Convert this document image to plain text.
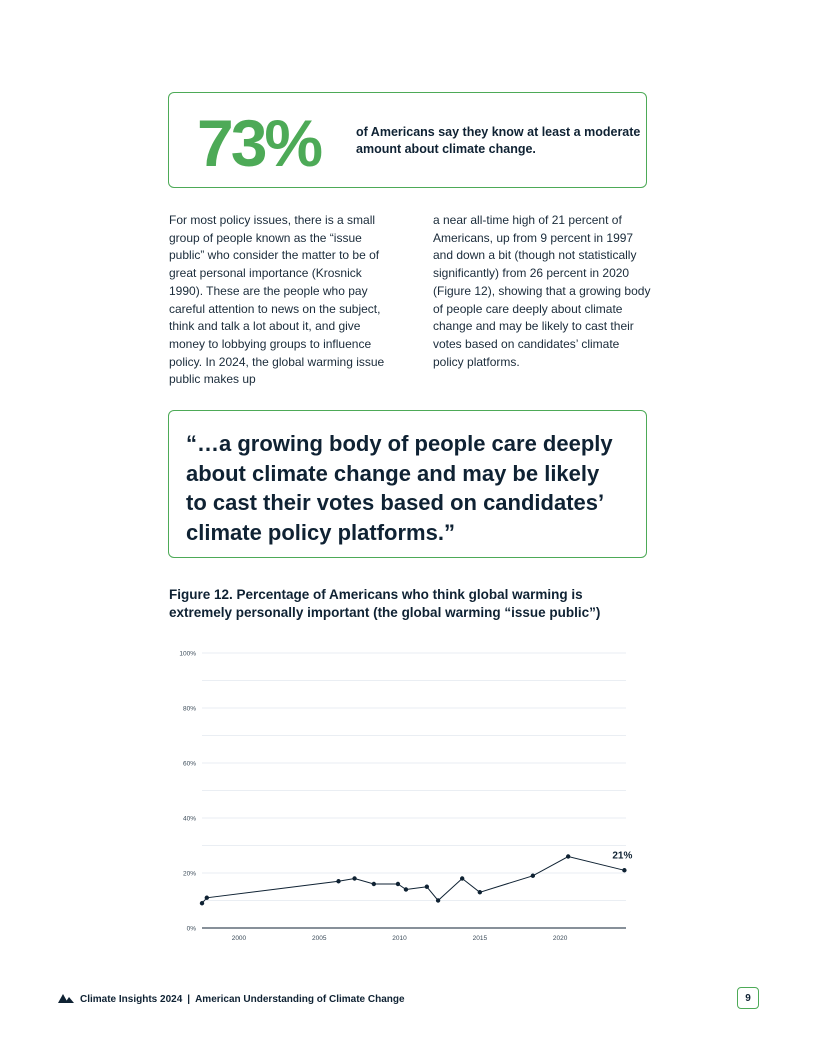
73%	of Americans say they know at least a moderate amount about climate change.
For most policy issues, there is a small group of people known as the “issue public” who consider the matter to be of great personal importance (Krosnick 1990). These are the people who pay careful attention to news on the subject, think and talk a lot about it, and give money to lobbying groups to influence policy. In 2024, the global warming issue public makes up
a near all-time high of 21 percent of Americans, up from 9 percent in 1997 and down a bit (though not statistically significantly) from 26 percent in 2020 (Figure 12), showing that a growing body of people care deeply about climate change and may be likely to cast their votes based on candidates’ climate policy platforms.
“…a growing body of people care deeply about climate change and may be likely to cast their votes based on candidates’ climate policy platforms.”
Figure 12. Percentage of Americans who think global warming is extremely personally important (the global warming “issue public”)
0%
20%
40%
60%
80%
100%
2000	2005	2010	2015	2020
21%
Climate Insights 2024 | American Understanding of Climate Change	9
